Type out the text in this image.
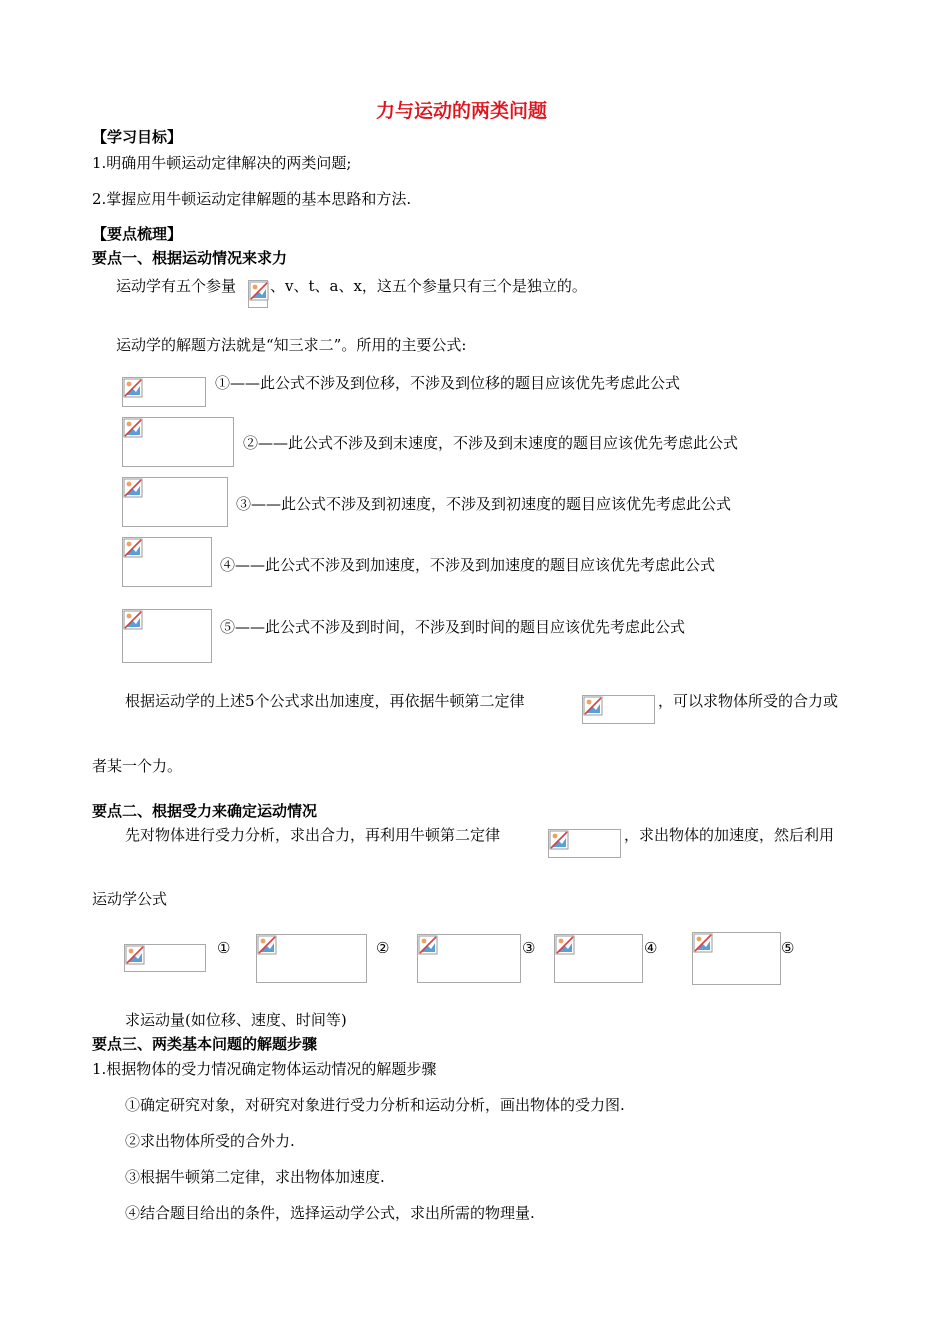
力与运动的两类问题
【学习目标】
1.明确用牛顿运动定律解决的两类问题;
2.掌握应用牛顿运动定律解题的基本思路和方法.
【要点梳理】
要点一、根据运动情况来求力
运动学有五个参量 、v、t、a、x，这五个参量只有三个是独立的。
运动学的解题方法就是“知三求二”。所用的主要公式:
①——此公式不涉及到位移，不涉及到位移的题目应该优先考虑此公式
②——此公式不涉及到末速度，不涉及到末速度的题目应该优先考虑此公式
③——此公式不涉及到初速度，不涉及到初速度的题目应该优先考虑此公式
④——此公式不涉及到加速度，不涉及到加速度的题目应该优先考虑此公式
⑤——此公式不涉及到时间，不涉及到时间的题目应该优先考虑此公式
根据运动学的上述5个公式求出加速度，再依据牛顿第二定律	，可以求物体所受的合力或
者某一个力。
要点二、根据受力来确定运动情况
先对物体进行受力分析，求出合力，再利用牛顿第二定律	，求出物体的加速度，然后利用
运动学公式
①	②	③	④	⑤
求运动量(如位移、速度、时间等)
要点三、两类基本问题的解题步骤
1.根据物体的受力情况确定物体运动情况的解题步骤
①确定研究对象，对研究对象进行受力分析和运动分析，画出物体的受力图.
②求出物体所受的合外力.
③根据牛顿第二定律，求出物体加速度.
④结合题目给出的条件，选择运动学公式，求出所需的物理量.
